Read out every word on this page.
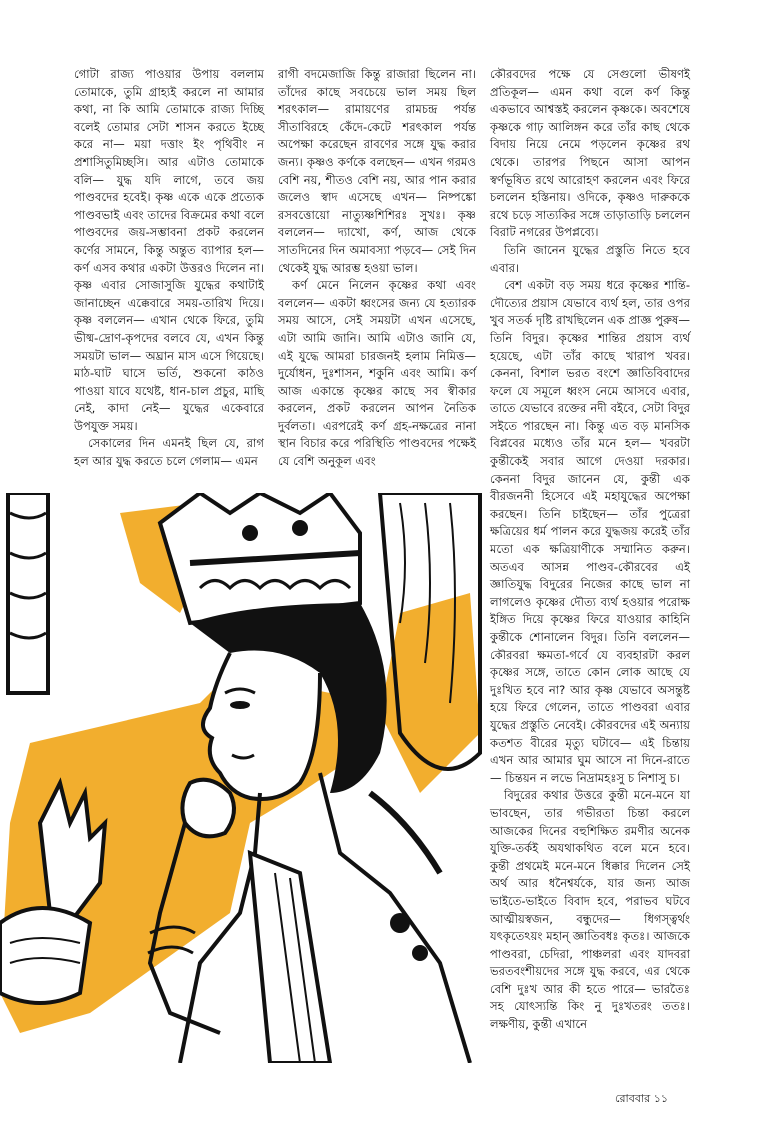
গোটা রাজ্য পাওয়ার উপায় বললাম তোমাকে, তুমি গ্রাহ্যই করলে না আমার কথা, না কি আমি তোমাকে রাজ্য দিচ্ছি বলেই তোমার সেটা শাসন করতে ইচ্ছে করে না— ময়া দত্তাং ইং পৃথিবীং ন প্রশাসিতুমিচ্ছসি। আর এটাও তোমাকে বলি— যুদ্ধ যদি লাগে, তবে জয় পাণ্ডবদের হবেই। কৃষ্ণ একে একে প্রত্যেক পাণ্ডবভাই এবং তাদের বিক্রমের কথা বলে পাণ্ডবদের জয়-সম্ভাবনা প্রকট করলেন কর্ণের সামনে, কিন্তু অন্তুত ব্যাপার হল— কর্ণ এসব কথার একটা উত্তরও দিলেন না। কৃষ্ণ এবার সোজাসুজি যুদ্ধের কথাটাই জানাচ্ছেন এক্কেবারে সময়-তারিখ দিয়ে। কৃষ্ণ বললেন— এখান থেকে ফিরে, তুমি ভীষ্ম-দ্রোণ-কৃপদের বলবে যে, এখন কিন্তু সময়টা ভাল— অঘ্রান মাস এসে গিয়েছে। মাঠ-ঘাট ঘাসে ভর্তি, শুকনো কাঠও পাওয়া যাবে যথেষ্ট, ধান-চাল প্রচুর, মাছি নেই, কাদা নেই— যুদ্ধের একেবারে উপযুক্ত সময়।

সেকালের দিন এমনই ছিল যে, রাগ হল আর যুদ্ধ করতে চলে গেলাম— এমন

রাগী বদমেজাজি কিন্তু রাজারা ছিলেন না। তাঁদের কাছে সবচেয়ে ভাল সময় ছিল শরৎকাল— রামায়ণের রামচন্দ্র পর্যন্ত সীতাবিরহে কেঁদে-কেটে শরৎকাল পর্যন্ত অপেক্ষা করেছেন রাবণের সঙ্গে যুদ্ধ করার জন্য। কৃষ্ণও কর্ণকে বলছেন— এখন গরমও বেশি নয়, শীতও বেশি নয়, আর পান করার জলেও স্বাদ এসেছে এখন— নিষ্পঙ্কো রসবত্তোয়ো নাত্যুষ্ণশিশিরঃ সুখঃ। কৃষ্ণ বললেন— দ্যাখো, কর্ণ, আজ থেকে সাতদিনের দিন অমাবস্যা পড়বে— সেই দিন থেকেই যুদ্ধ আরম্ভ হওয়া ভাল।

কর্ণ মেনে নিলেন কৃষ্ণের কথা এবং বললেন— একটা ধ্বংসের জন্য যে হত্যারক সময় আসে, সেই সময়টা এখন এসেছে, এটা আমি জানি। আমি এটাও জানি যে, এই যুদ্ধে আমরা চারজনই হলাম নিমিত্ত— দুর্যোধন, দুঃশাসন, শকুনি এবং আমি। কর্ণ আজ একান্তে কৃষ্ণের কাছে সব স্বীকার করলেন, প্রকট করলেন আপন নৈতিক দুর্বলতা। এরপরেই কর্ণ গ্রহ-নক্ষত্রের নানা স্থান বিচার করে পরিস্থিতি পাণ্ডবদের পক্ষেই যে বেশি অনুকূল এবং

কৌরবদের পক্ষে যে সেগুলো ভীষণই প্রতিকূল— এমন কথা বলে কর্ণ কিন্তু একভাবে আশ্বস্তই করলেন কৃষ্ণকে। অবশেষে কৃষ্ণকে গাঢ় আলিঙ্গন করে তাঁর কাছ থেকে বিদায় নিয়ে নেমে পড়লেন কৃষ্ণের রথ থেকে। তারপর পিছনে আসা আপন স্বর্ণভূষিত রথে আরোহণ করলেন এবং ফিরে চললেন হস্তিনায়। ওদিকে, কৃষ্ণও দারুককে রথে চড়ে সাত্যকির সঙ্গে তাড়াতাড়ি চললেন বিরাট নগরের উপপ্লব্যে।

তিনি জানেন যুদ্ধের প্রস্তুতি নিতে হবে এবার।

বেশ একটা বড় সময় ধরে কৃষ্ণের শান্তি-দৌত্যের প্রয়াস যেভাবে ব্যর্থ হল, তার ওপর খুব সতর্ক দৃষ্টি রাখছিলেন এক প্রাজ্ঞ পুরুষ— তিনি বিদুর। কৃষ্ণের শান্তির প্রয়াস ব্যর্থ হয়েছে, এটা তাঁর কাছে খারাপ খবর। কেননা, বিশাল ভরত বংশে জ্ঞাতিবিবাদের ফলে যে সমূলে ধ্বংস নেমে আসবে এবার, তাতে যেভাবে রক্তের নদী বইবে, সেটা বিদুর সইতে পারছেন না। কিন্তু এত বড় মানসিক বিপ্লবের মধ্যেও তাঁর মনে হল— খবরটা কুন্তীকেই সবার আগে দেওয়া দরকার। কেননা বিদুর জানেন যে, কুন্তী এক বীরজননী হিসেবে এই মহাযুদ্ধের অপেক্ষা করছেন। তিনি চাইছেন— তাঁর পুত্রেরা ক্ষত্রিয়ের ধর্ম পালন করে যুদ্ধজয় করেই তাঁর মতো এক ক্ষত্রিয়াণীকে সম্মানিত করুন। অতএব আসন্ন পাণ্ডব-কৌরবের এই জ্ঞাতিযুদ্ধ বিদুরের নিজের কাছে ভাল না লাগলেও কৃষ্ণের দৌত্য ব্যর্থ হওয়ার পরোক্ষ ইঙ্গিত দিয়ে কৃষ্ণের ফিরে যাওয়ার কাহিনি কুন্তীকে শোনালেন বিদুর। তিনি বললেন— কৌরবরা ক্ষমতা-গর্বে যে ব্যবহারটা করল কৃষ্ণের সঙ্গে, তাতে কোন লোক আছে যে দুঃখিত হবে না? আর কৃষ্ণ যেভাবে অসন্তুষ্ট হয়ে ফিরে গেলেন, তাতে পাণ্ডবরা এবার যুদ্ধের প্রস্তুতি নেবেই। কৌরবদের এই অন্যায় কতশত বীরের মৃত্যু ঘটাবে— এই চিন্তায় এখন আর আমার ঘুম আসে না দিনে-রাতে— চিন্তয়ন ন লভে নিদ্রামহঃসু চ নিশাসু চ।

বিদুরের কথার উত্তরে কুন্তী মনে-মনে যা ভাবছেন, তার গভীরতা চিন্তা করলে আজকের দিনের বহুশিক্ষিত রমণীর অনেক যুক্তি-তর্কই অযথাকথিত বলে মনে হবে। কুন্তী প্রথমেই মনে-মনে ধিক্কার দিলেন সেই অর্থ আর ধনৈশ্বর্যকে, যার জন্য আজ ভাইতে-ভাইতে বিবাদ হবে, পরাভব ঘটবে আত্মীয়স্বজন, বন্ধুদের— ধিগস্ত্বর্থং যৎকৃতেঽয়ং মহান্ জ্ঞাতিবধঃ কৃতঃ। আজকে পাণ্ডবরা, চেদিরা, পাঞ্চলরা এবং যাদবরা ভরতবংশীয়দের সঙ্গে যুদ্ধ করবে, এর থেকে বেশি দুঃখ আর কী হতে পারে— ভারতৈঃ সহ যোৎস্যন্তি কিং নু দুঃখতরং ততঃ। লক্ষণীয়, কুন্তী এখানে

রোববার ১১
